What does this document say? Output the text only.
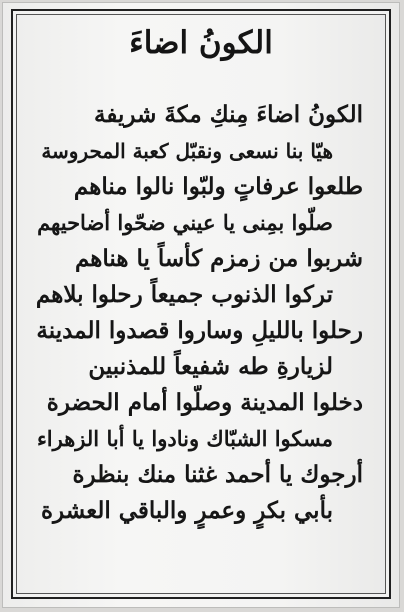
الكونُ اضاءَ
الكونُ اضاءَ مِنكِ مكةَ شريفة
هيّا بنا نسعى ونقبّل كعبة المحروسة
طلعوا عرفاتٍ ولبّوا نالوا مناهم
صلّوا بمِنى يا عيني ضحّوا أضاحيهم
شربوا من زمزم كأساً يا هناهم
تركوا الذنوب جميعاً رحلوا بلاهم
رحلوا بالليلِ وساروا قصدوا المدينة
لزيارةِ طه شفيعاً للمذنبين
دخلوا المدينة وصلّوا أمام الحضرة
مسكوا الشبّاك ونادوا يا أبا الزهراء
أرجوك يا أحمد غثنا منك بنظرة
بأبي بكرٍ وعمرٍ والباقي العشرة
